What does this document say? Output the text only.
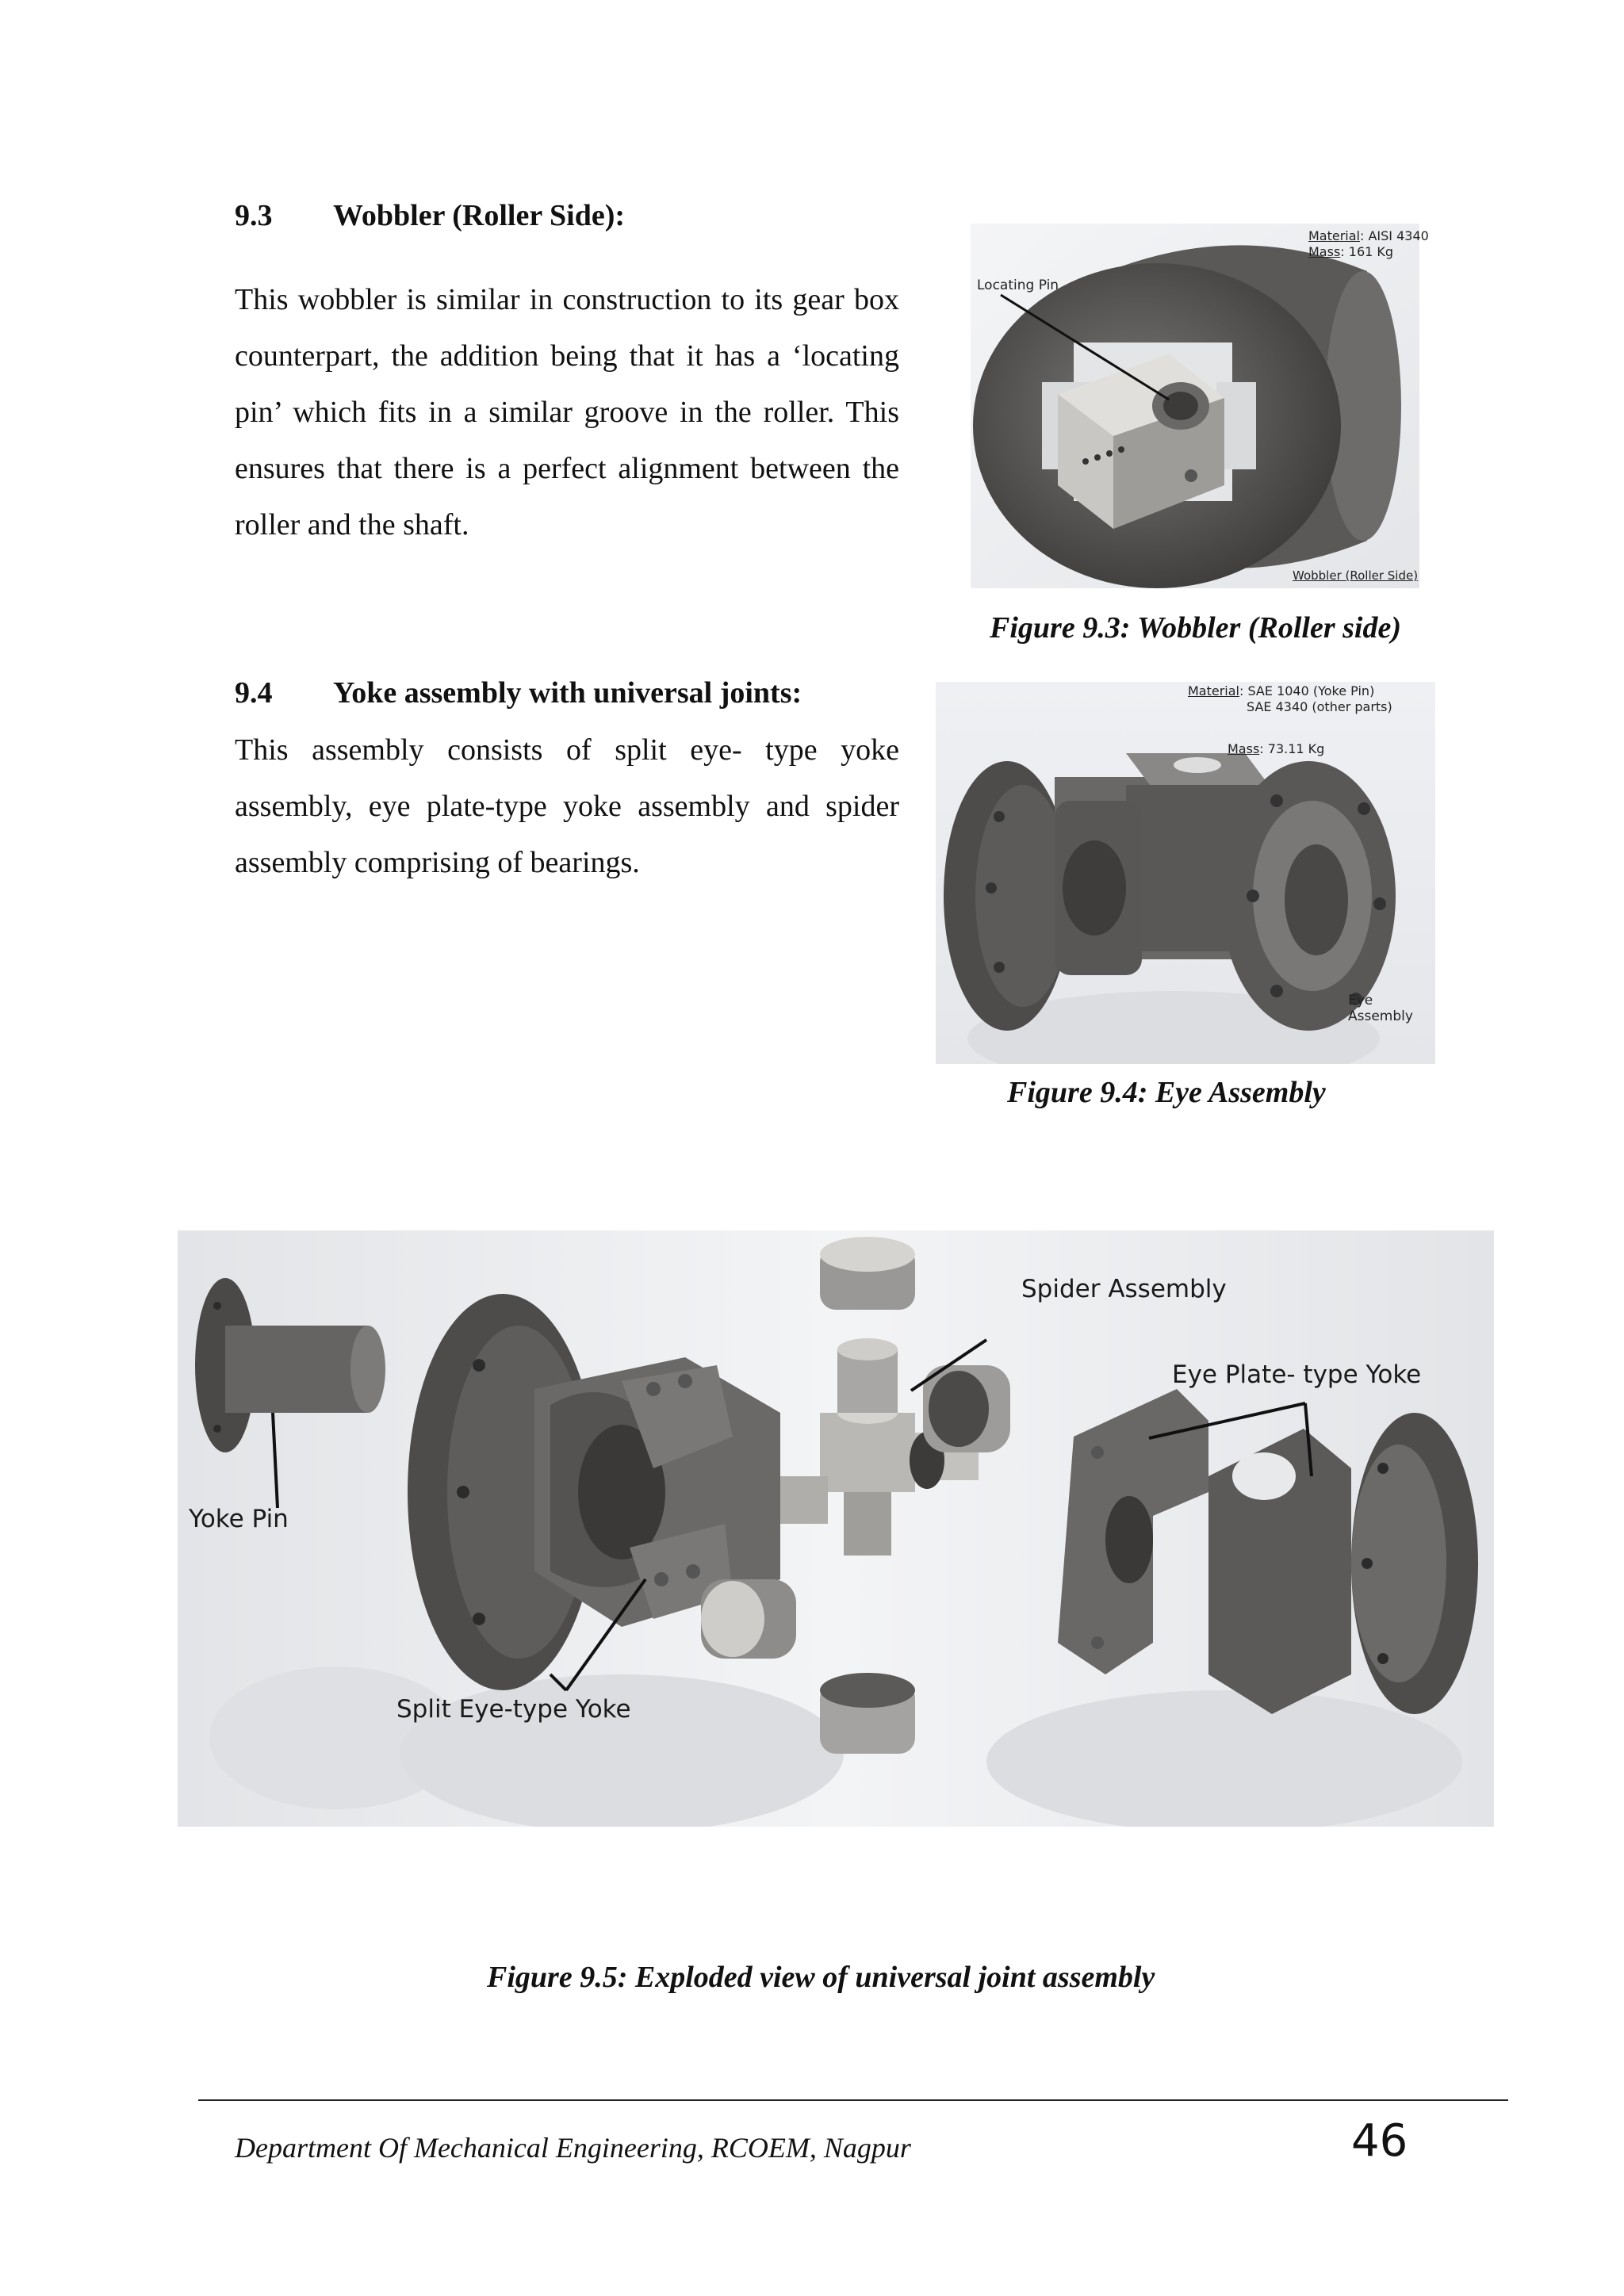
9.3 Wobbler (Roller Side):
This wobbler is similar in construction to its gear box counterpart, the addition being that it has a ‘locating pin’ which fits in a similar groove in the roller. This ensures that there is a perfect alignment between the roller and the shaft.
Material: AISI 4340
Mass: 161 Kg
Locating Pin
Wobbler (Roller Side)
Figure 9.3: Wobbler (Roller side)
9.4 Yoke assembly with universal joints:
This assembly consists of split eye- type yoke assembly, eye plate-type yoke assembly and spider assembly comprising of bearings.
Material: SAE 1040 (Yoke Pin)
SAE 4340 (other parts)
Mass: 73.11 Kg
Eye
Assembly
Figure 9.4: Eye Assembly
Spider Assembly
Eye Plate- type Yoke
Yoke Pin
Split Eye-type Yoke
Figure 9.5: Exploded view of universal joint assembly
Department Of Mechanical Engineering, RCOEM, Nagpur	46
